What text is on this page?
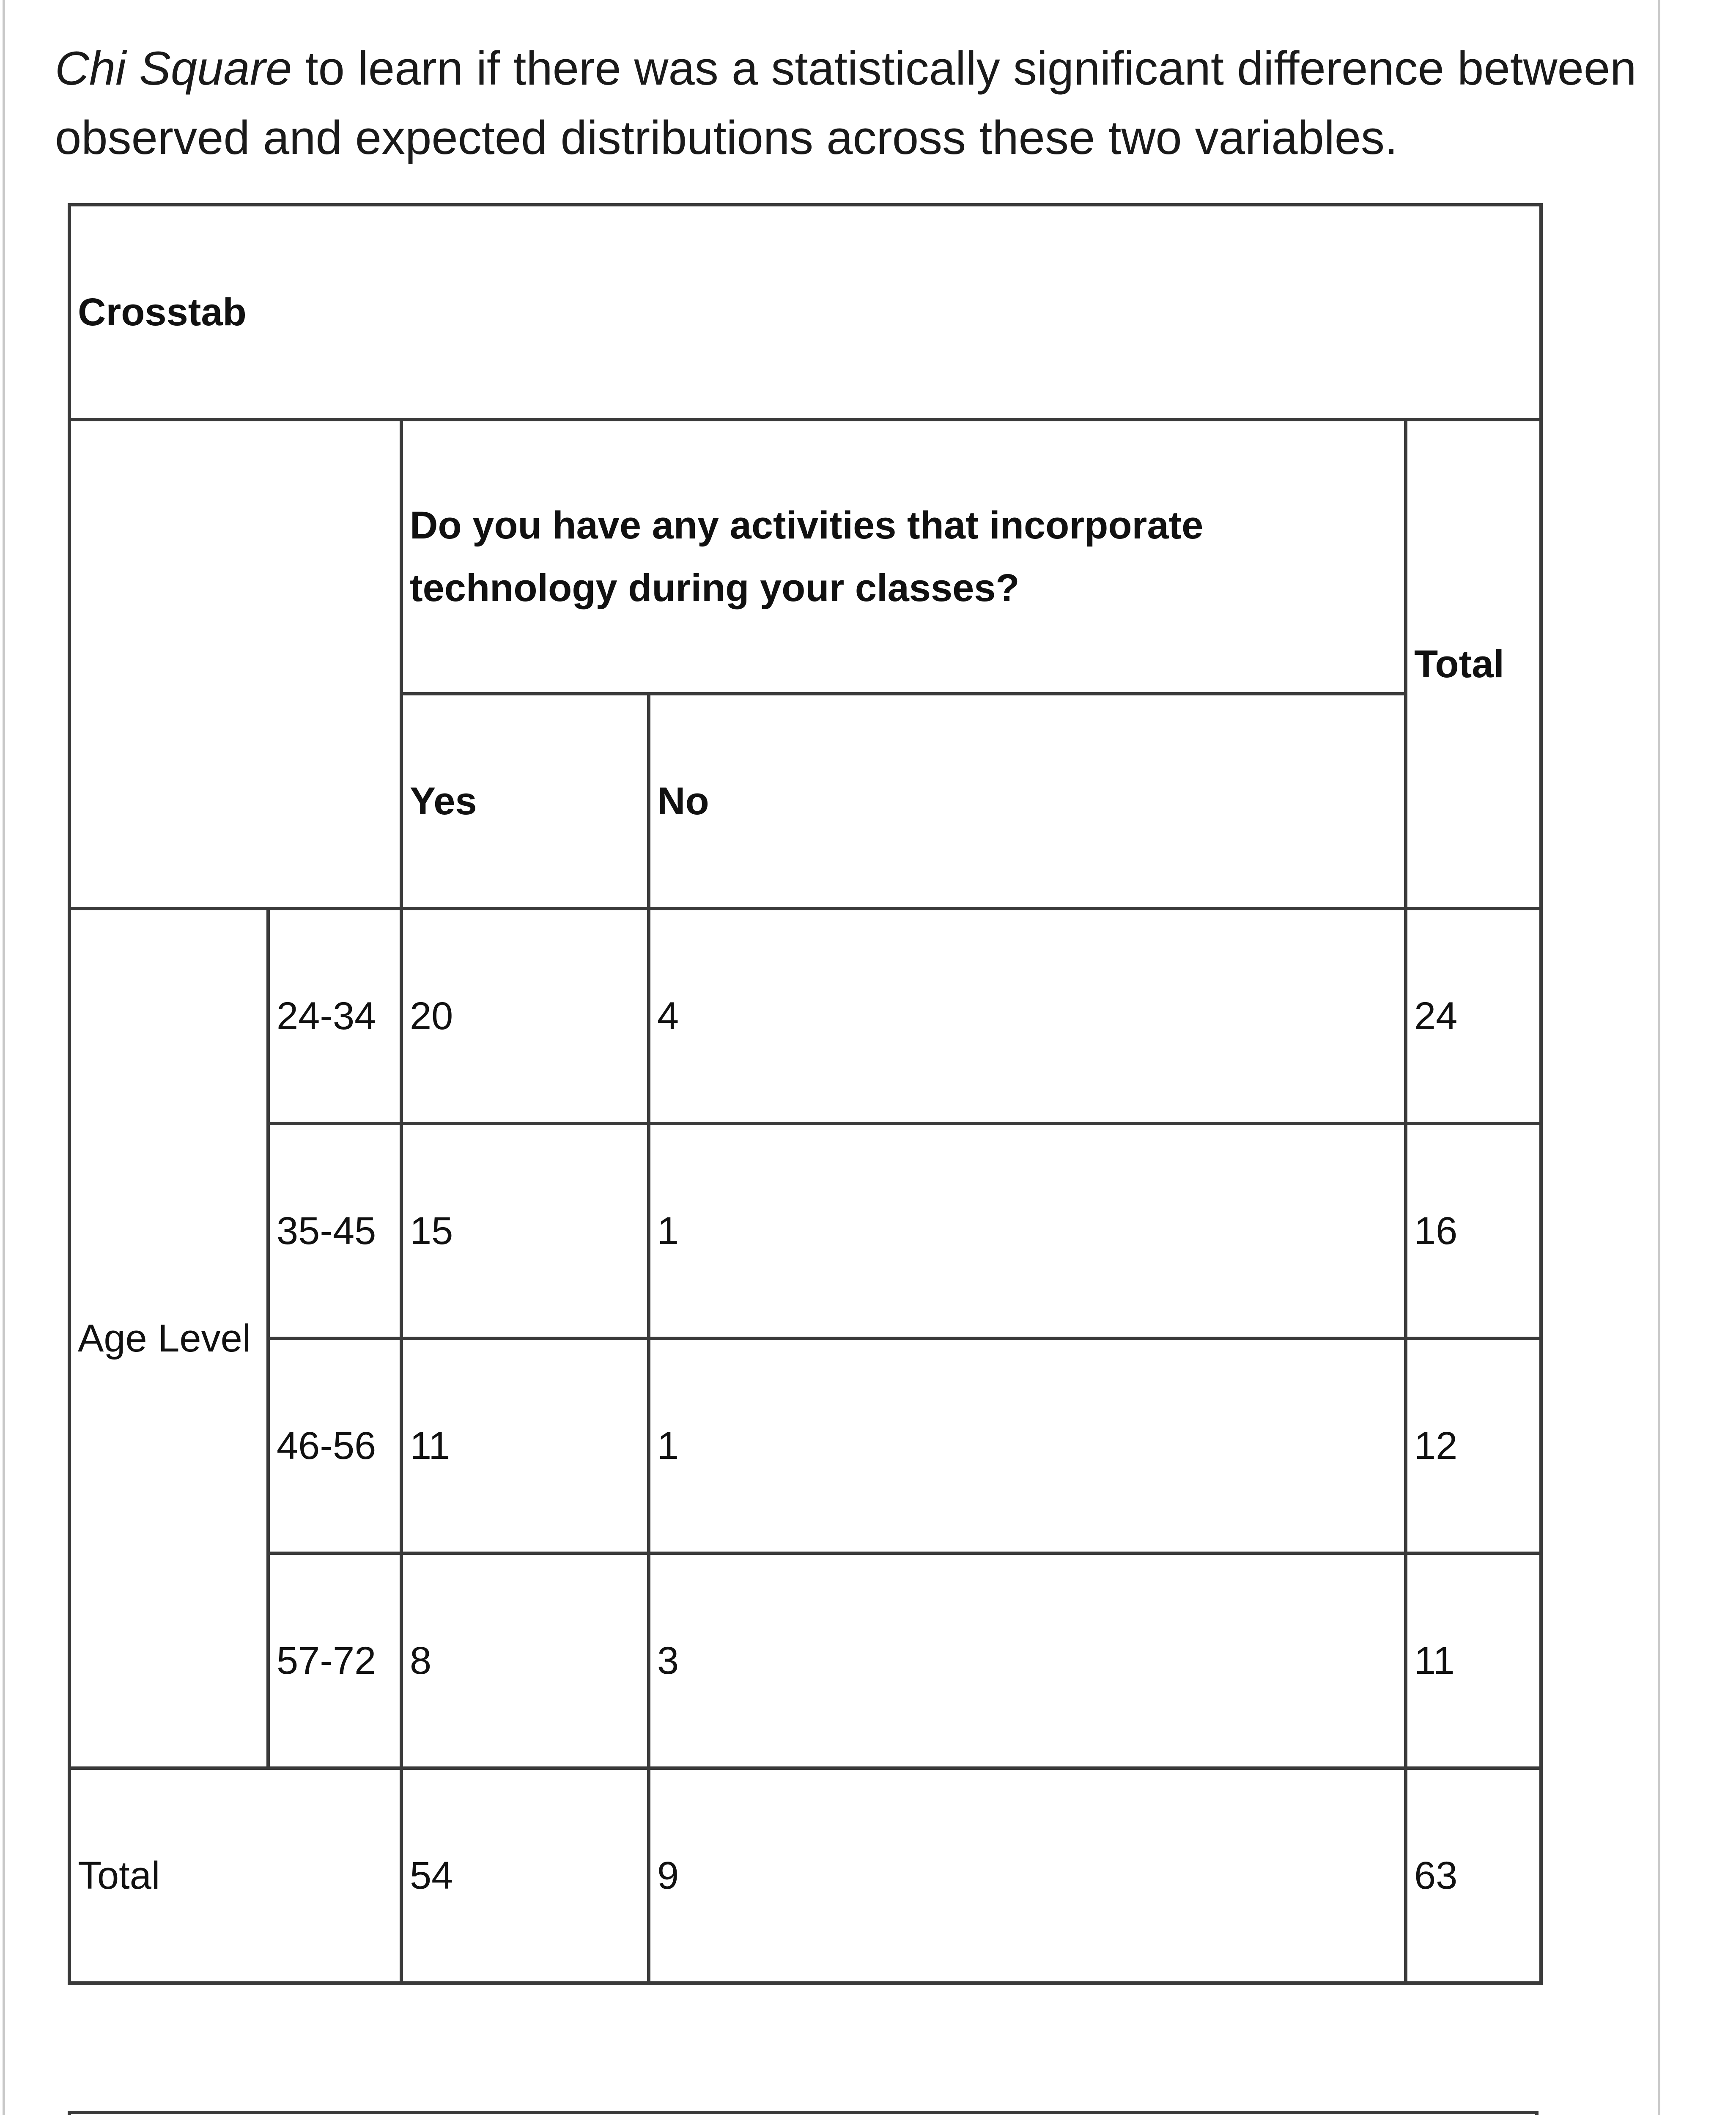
Chi Square to learn if there was a statistically significant difference between observed and expected distributions across these two variables.
Crosstab				
		Do you have any activities that incorporate technology during your classes?		Total
		Yes	No	
Age Level	24-34	20	4	24
	35-45	15	1	16
	46-56	11	1	12
	57-72	8	3	11
Total		54	9	63
